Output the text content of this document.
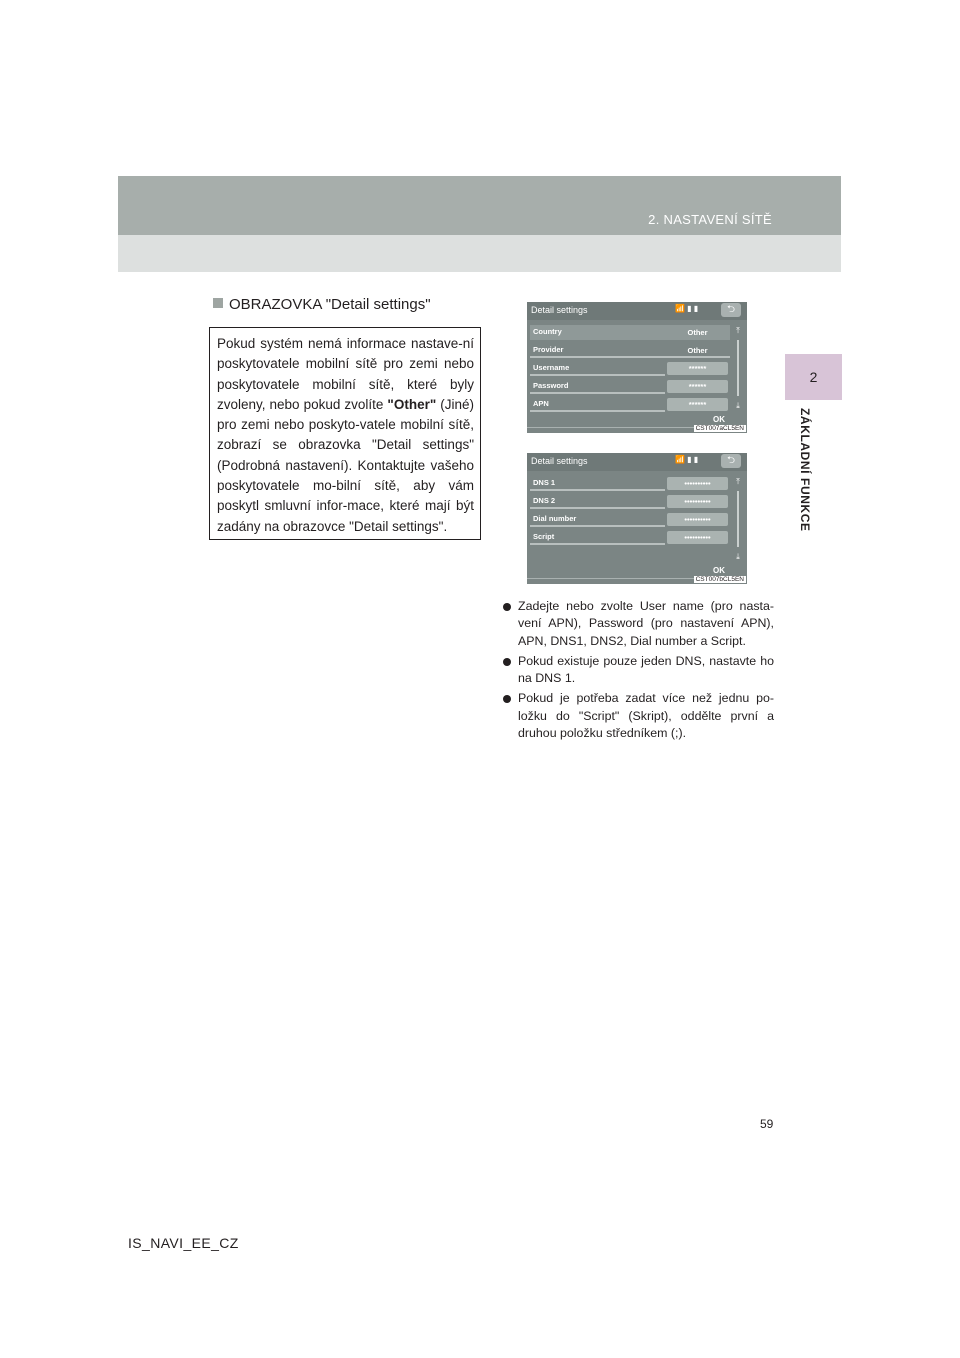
2. NASTAVENÍ SÍTĚ
2
ZÁKLADNÍ FUNKCE
OBRAZOVKA "Detail settings"
Pokud systém nemá informace nastave-ní poskytovatele mobilní sítě pro zemi nebo poskytovatele mobilní sítě, které byly zvoleny, nebo pokud zvolíte "Other" (Jiné) pro zemi nebo poskyto-vatele mobilní sítě, zobrazí se obrazovka "Detail settings" (Podrobná nastavení). Kontaktujte vašeho poskytovatele mo-bilní sítě, aby vám poskytl smluvní infor-mace, které mají být zadány na obrazovce "Detail settings".
Detail settings	📶 ▮ ▮	⮌
Country	Other
Provider	Other
Username	******
Password	******
APN	******
⤒
⤓
OK
CST007aCL5EN
Detail settings	📶 ▮ ▮	⮌
DNS 1	••••••••••
DNS 2	••••••••••
Dial number	••••••••••
Script	••••••••••
⤒
⤓
OK
CST007bCL5EN
Zadejte nebo zvolte User name (pro nasta-vení APN), Password (pro nastavení APN), APN, DNS1, DNS2, Dial number a Script.
Pokud existuje pouze jeden DNS, nastavte ho na DNS 1.
Pokud je potřeba zadat více než jednu po-ložku do "Script" (Skript), oddělte první a druhou položku středníkem (;).
59
IS_NAVI_EE_CZ
